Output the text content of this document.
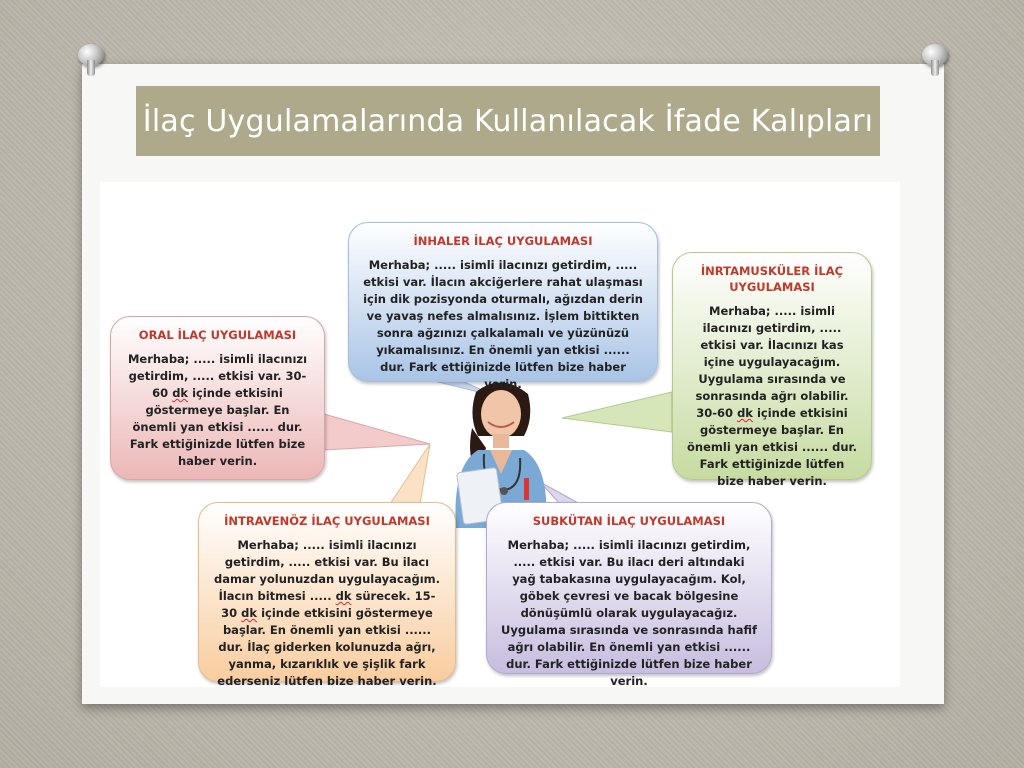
İlaç Uygulamalarında Kullanılacak İfade Kalıpları
İNHALER İLAÇ UYGULAMASI

Merhaba; ..... isimli ilacınızı getirdim, ..... etkisi var. İlacın akciğerlere rahat ulaşması için dik pozisyonda oturmalı, ağızdan derin ve yavaş nefes almalısınız. İşlem bittikten sonra ağzınızı çalkalamalı ve yüzünüzü yıkamalısınız. En önemli yan etkisi ...... dur. Fark ettiğinizde lütfen bize haber verin.

ORAL İLAÇ UYGULAMASI

Merhaba; ..... isimli ilacınızı getirdim, ..... etkisi var. 30-60 dk içinde etkisini göstermeye başlar. En önemli yan etkisi ...... dur. Fark ettiğinizde lütfen bize haber verin.

İNRTAMUSKÜLER İLAÇ UYGULAMASI

Merhaba; ..... isimli ilacınızı getirdim, ..... etkisi var. İlacınızı kas içine uygulayacağım. Uygulama sırasında ve sonrasında ağrı olabilir. 30-60 dk içinde etkisini göstermeye başlar. En önemli yan etkisi ...... dur. Fark ettiğinizde lütfen bize haber verin.

İNTRAVENÖZ İLAÇ UYGULAMASI

Merhaba; ..... isimli ilacınızı getirdim, ..... etkisi var. Bu ilacı damar yolunuzdan uygulayacağım. İlacın bitmesi ..... dk sürecek. 15-30 dk içinde etkisini göstermeye başlar. En önemli yan etkisi ...... dur. İlaç giderken kolunuzda ağrı, yanma, kızarıklık ve şişlik fark ederseniz lütfen bize haber verin.

SUBKÜTAN İLAÇ UYGULAMASI

Merhaba; ..... isimli ilacınızı getirdim, ..... etkisi var. Bu ilacı deri altındaki yağ tabakasına uygulayacağım. Kol, göbek çevresi ve bacak bölgesine dönüşümlü olarak uygulayacağız. Uygulama sırasında ve sonrasında hafif ağrı olabilir. En önemli yan etkisi ...... dur. Fark ettiğinizde lütfen bize haber verin.
